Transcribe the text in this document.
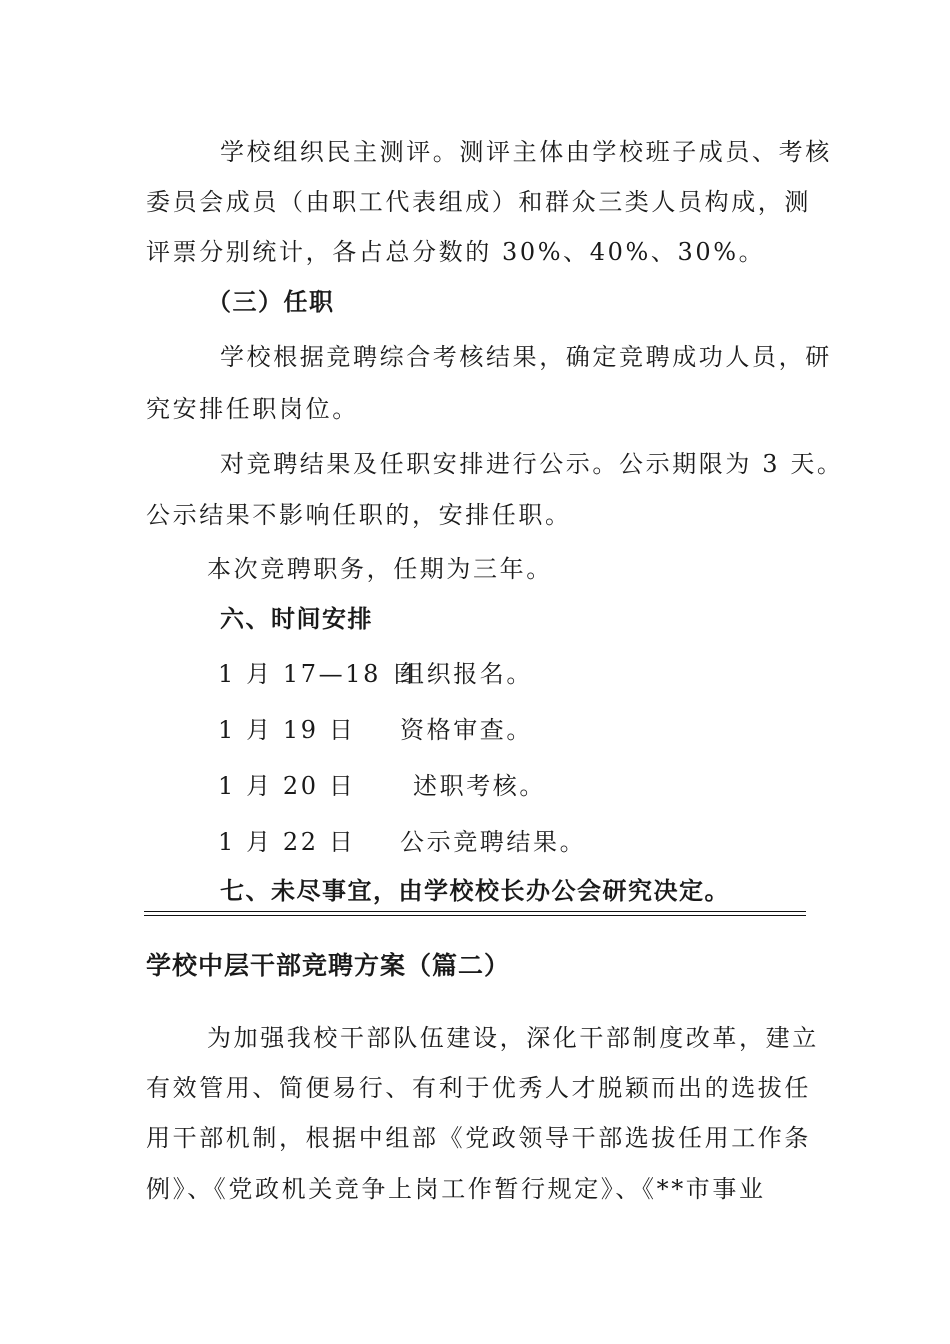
学校组织民主测评。测评主体由学校班子成员、考核
委员会成员（由职工代表组成）和群众三类人员构成，测
评票分别统计，各占总分数的 30%、40%、30%。
（三）任职
学校根据竞聘综合考核结果，确定竞聘成功人员，研
究安排任职岗位。
对竞聘结果及任职安排进行公示。公示期限为 3 天。
公示结果不影响任职的，安排任职。
本次竞聘职务，任期为三年。
六、时间安排
1 月 17—18 日
组织报名。
1 月 19 日 资格审查。
1 月 20 日 述职考核。
1 月 22 日 公示竞聘结果。
七、未尽事宜，由学校校长办公会研究决定。
学校中层干部竞聘方案（篇二）
为加强我校干部队伍建设，深化干部制度改革，建立
有效管用、简便易行、有利于优秀人才脱颖而出的选拔任
用干部机制，根据中组部《党政领导干部选拔任用工作条
例》、《党政机关竞争上岗工作暂行规定》、《**市事业
